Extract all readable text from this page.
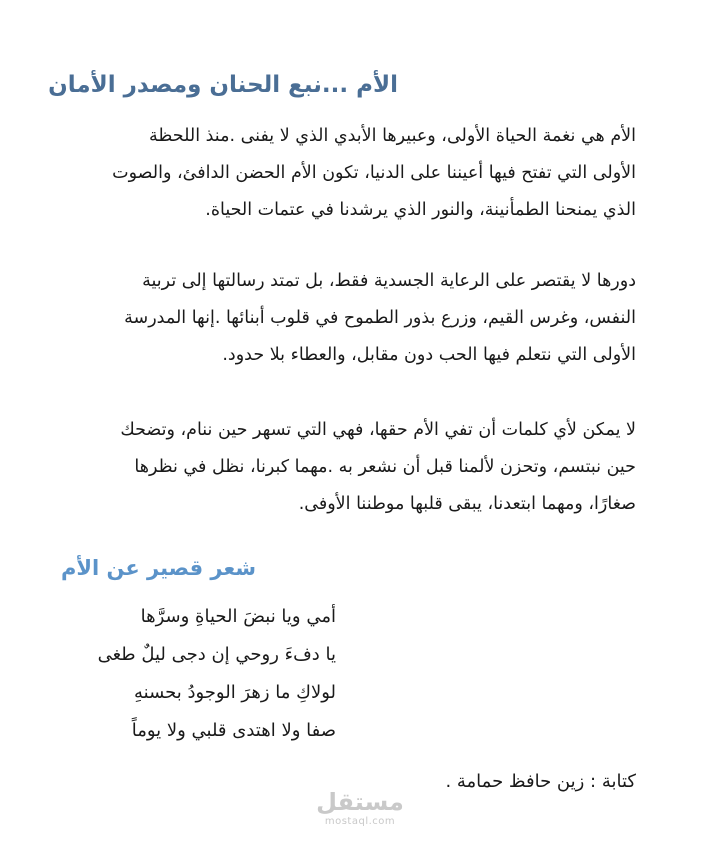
الأم ...نبع الحنان ومصدر الأمان

الأم هي نغمة الحياة الأولى، وعبيرها الأبدي الذي لا يفنى .منذ اللحظة
الأولى التي تفتح فيها أعيننا على الدنيا، تكون الأم الحضن الدافئ، والصوت
الذي يمنحنا الطمأنينة، والنور الذي يرشدنا في عتمات الحياة.

دورها لا يقتصر على الرعاية الجسدية فقط، بل تمتد رسالتها إلى تربية
النفس، وغرس القيم، وزرع بذور الطموح في قلوب أبنائها .إنها المدرسة
الأولى التي نتعلم فيها الحب دون مقابل، والعطاء بلا حدود.

لا يمكن لأي كلمات أن تفي الأم حقها، فهي التي تسهر حين ننام، وتضحك
حين نبتسم، وتحزن لألمنا قبل أن نشعر به .مهما كبرنا، نظل في نظرها
صغارًا، ومهما ابتعدنا، يبقى قلبها موطننا الأوفى.

شعر قصير عن الأم
أمي ويا نبضَ الحياةِ وسرَّها
يا دفءَ روحي إن دجى ليلٌ طغى
لولاكِ ما زهرَ الوجودُ بحسنهِ
صفا ولا اهتدى قلبي ولا يوماً
كتابة : زين حافظ حمامة .
مستقل
mostaql.com
